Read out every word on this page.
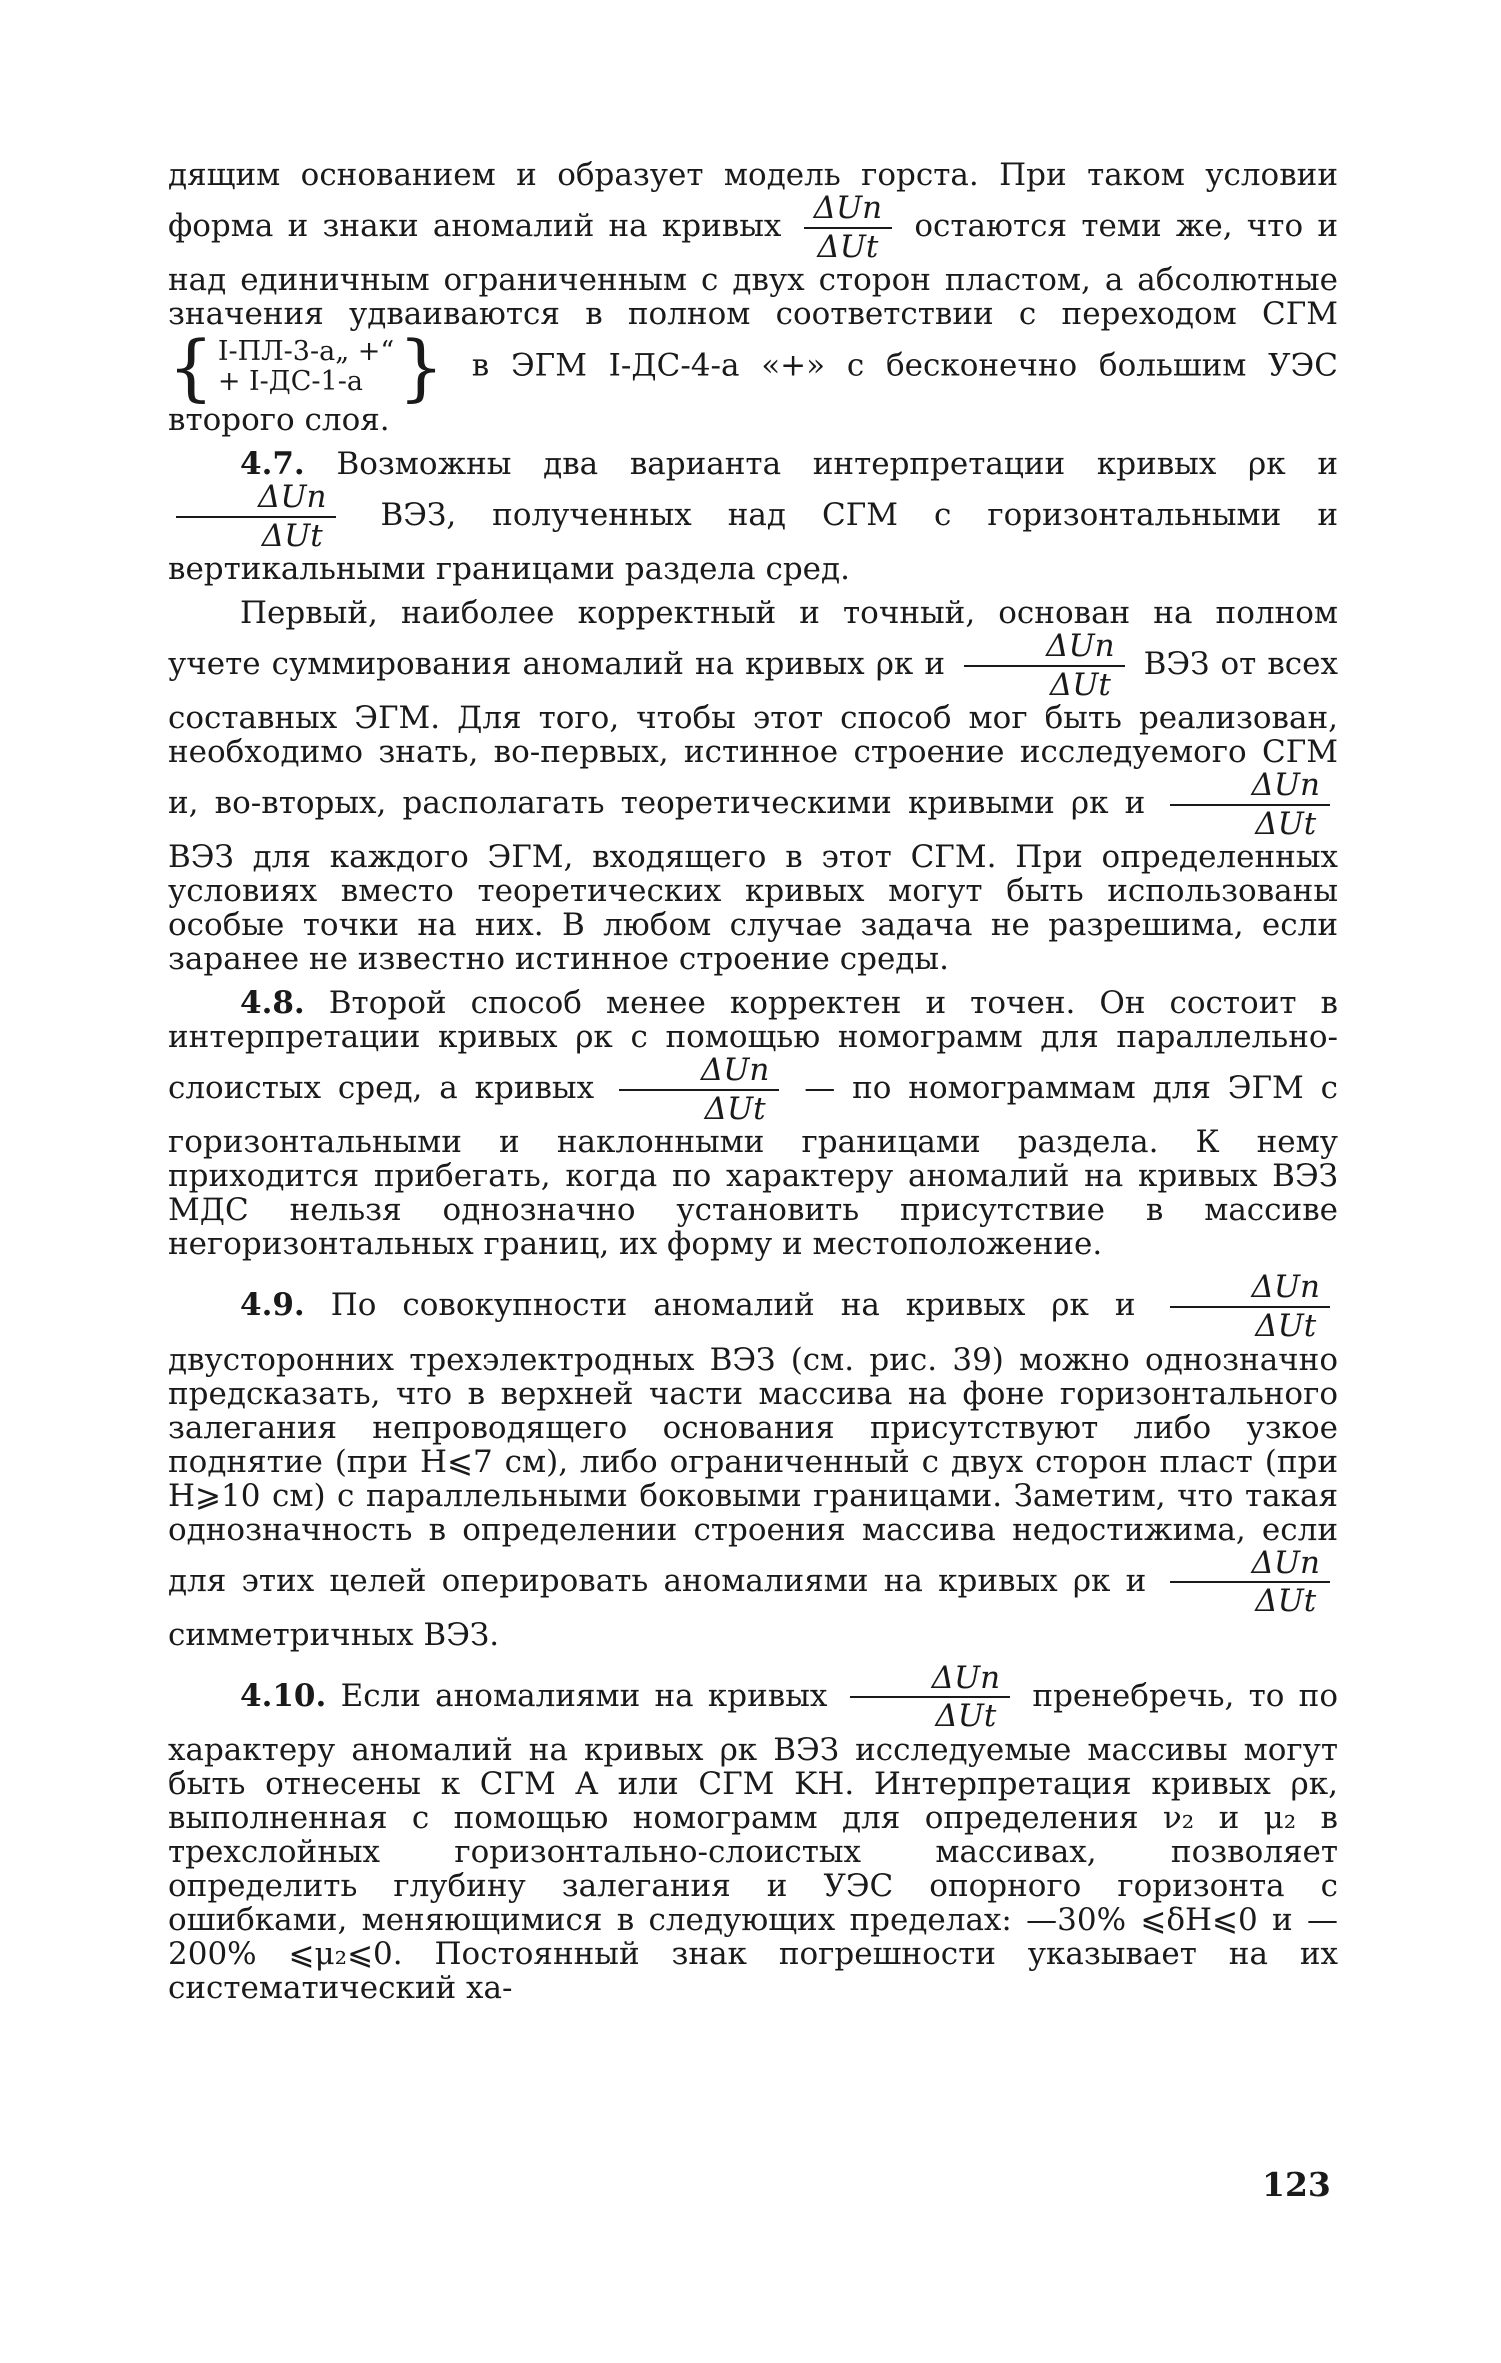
дящим основанием и образует модель горста. При таком условии форма и знаки аномалий на кривых $\frac{\text{ΔUn}}{\text{ΔUt}}$ остаются теми же, что и над единичным ограниченным с двух сторон пластом, а абсолютные значения удваиваются в полном соответствии с переходом СГМ
{ I-ПЛ-3-а„ +“
+ I-ДС-1-а } в ЭГМ I-ДС-4-а «+» с бесконечно большим УЭС второго слоя.

4.7. Возможны два варианта интерпретации кривых ρк и
$\frac{\text{ΔUn}}{\text{ΔUt}}$ ВЭЗ, полученных над СГМ с горизонтальными и вертикальными границами раздела сред.

Первый, наиболее корректный и точный, основан на полном учете суммирования аномалий на кривых ρк и $\frac{\text{ΔUn}}{\text{ΔUt}}$ ВЭЗ от всех составных ЭГМ. Для того, чтобы этот способ мог быть реализован, необходимо знать, во-первых, истинное строение исследуемого СГМ и, во-вторых, располагать теоретическими кривыми ρк и $\frac{\text{ΔUn}}{\text{ΔUt}}$
ВЭЗ для каждого ЭГМ, входящего в этот СГМ. При определенных условиях вместо теоретических кривых могут быть использованы особые точки на них. В любом случае задача не разрешима, если заранее не известно истинное строение среды.

4.8. Второй способ менее корректен и точен. Он состоит в интерпретации кривых ρк с помощью номограмм для параллельно-слоистых сред, а кривых $\frac{\text{ΔUn}}{\text{ΔUt}}$ — по номограммам для ЭГМ с горизонтальными и наклонными границами раздела. К нему приходится прибегать, когда по характеру аномалий на кривых ВЭЗ МДС нельзя однозначно установить присутствие в массиве негоризонтальных границ, их форму и местоположение.

4.9. По совокупности аномалий на кривых ρк и $\frac{\text{ΔUn}}{\text{ΔUt}}$
двусторонних трехэлектродных ВЭЗ (см. рис. 39) можно однозначно предсказать, что в верхней части массива на фоне горизонтального залегания непроводящего основания присутствуют либо узкое поднятие (при H⩽7 см), либо ограниченный с двух сторон пласт (при H⩾10 см) с параллельными боковыми границами. Заметим, что такая однозначность в определении строения массива недостижима, если для этих целей оперировать аномалиями на кривых ρк и $\frac{\text{ΔUn}}{\text{ΔUt}}$
симметричных ВЭЗ.

4.10. Если аномалиями на кривых $\frac{\text{ΔUn}}{\text{ΔUt}}$ пренебречь, то по характеру аномалий на кривых ρк ВЭЗ исследуемые массивы могут быть отнесены к СГМ A или СГМ KH. Интерпретация кривых ρк, выполненная с помощью номограмм для определения ν₂ и μ₂ в трехслойных горизонтально-слоистых массивах, позволяет определить глубину залегания и УЭС опорного горизонта с ошибками, меняющимися в следующих пределах: —30% ⩽δH⩽0 и —200% ⩽μ₂⩽0. Постоянный знак погрешности указывает на их систематический ха-

123
